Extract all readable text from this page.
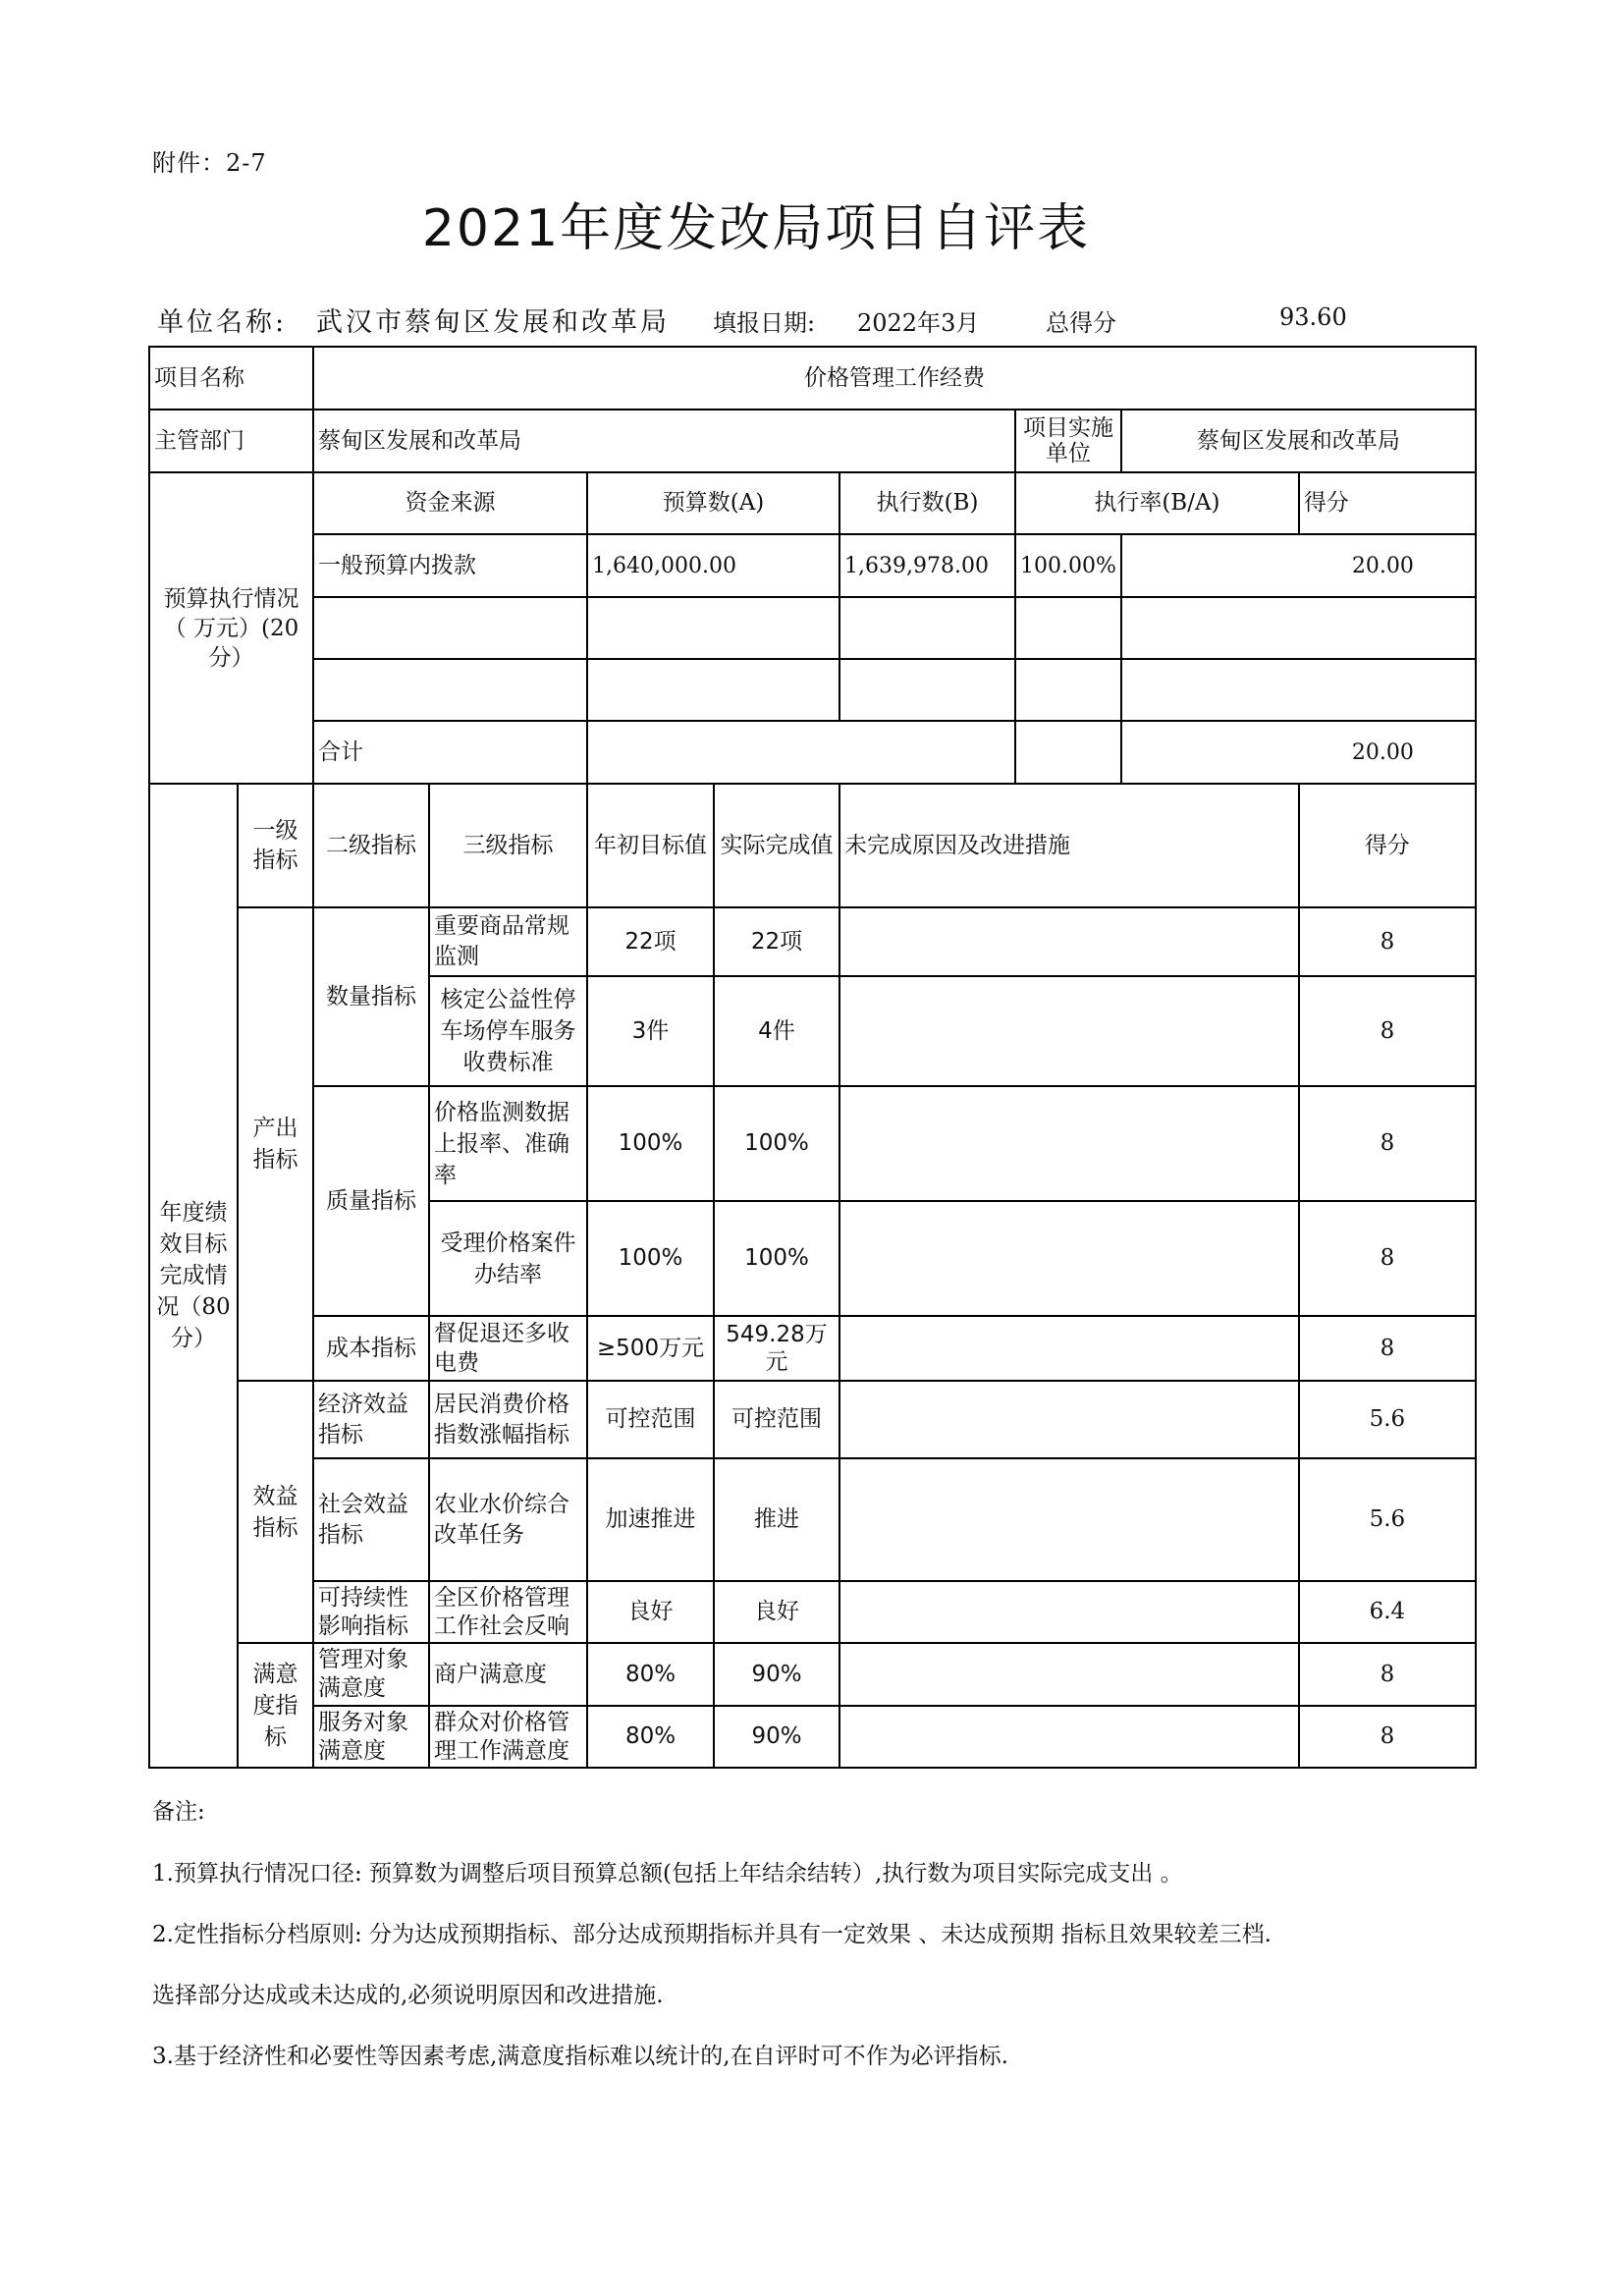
附件：2-7
2021年度发改局项目自评表
单位名称: 武汉市蔡甸区发展和改革局	填报日期: 2022年3月	总得分	93.60
项目名称		价格管理工作经费							
主管部门		蔡甸区发展和改革局					项目实施单位	蔡甸区发展和改革局	
预算执行情况（ 万元）(20分）		资金来源		预算数(A)		执行数(B)	执行率(B/A)		得分
		一般预算内拨款		1,640,000.00		1,639,978.00	100.00%	20.00	

		合计						20.00	
年度绩效目标完成情况（80分）	一级指标	二级指标	三级指标	年初目标值	实际完成值	未完成原因及改进措施			得分
	产出指标	数量指标	重要商品常规监测	22项	22项				8
			核定公益性停车场停车服务收费标准	3件	4件				8
		质量指标	价格监测数据上报率、准确率	100%	100%				8
			受理价格案件办结率	100%	100%				8
		成本指标	督促退还多收电费	≥500万元	549.28万元				8
	效益指标	经济效益指标	居民消费价格指数涨幅指标	可控范围	可控范围				5.6
		社会效益指标	农业水价综合改革任务	加速推进	推进				5.6
		可持续性影响指标	全区价格管理工作社会反响	良好	良好				6.4
	满意度指标	管理对象满意度	商户满意度	80%	90%				8
		服务对象满意度	群众对价格管理工作满意度	80%	90%				8
备注:
1.预算执行情况口径: 预算数为调整后项目预算总额(包括上年结余结转）,执行数为项目实际完成支出 。
2.定性指标分档原则: 分为达成预期指标、部分达成预期指标并具有一定效果 、未达成预期 指标且效果较差三档.
选择部分达成或未达成的,必须说明原因和改进措施.
3.基于经济性和必要性等因素考虑,满意度指标难以统计的,在自评时可不作为必评指标.
